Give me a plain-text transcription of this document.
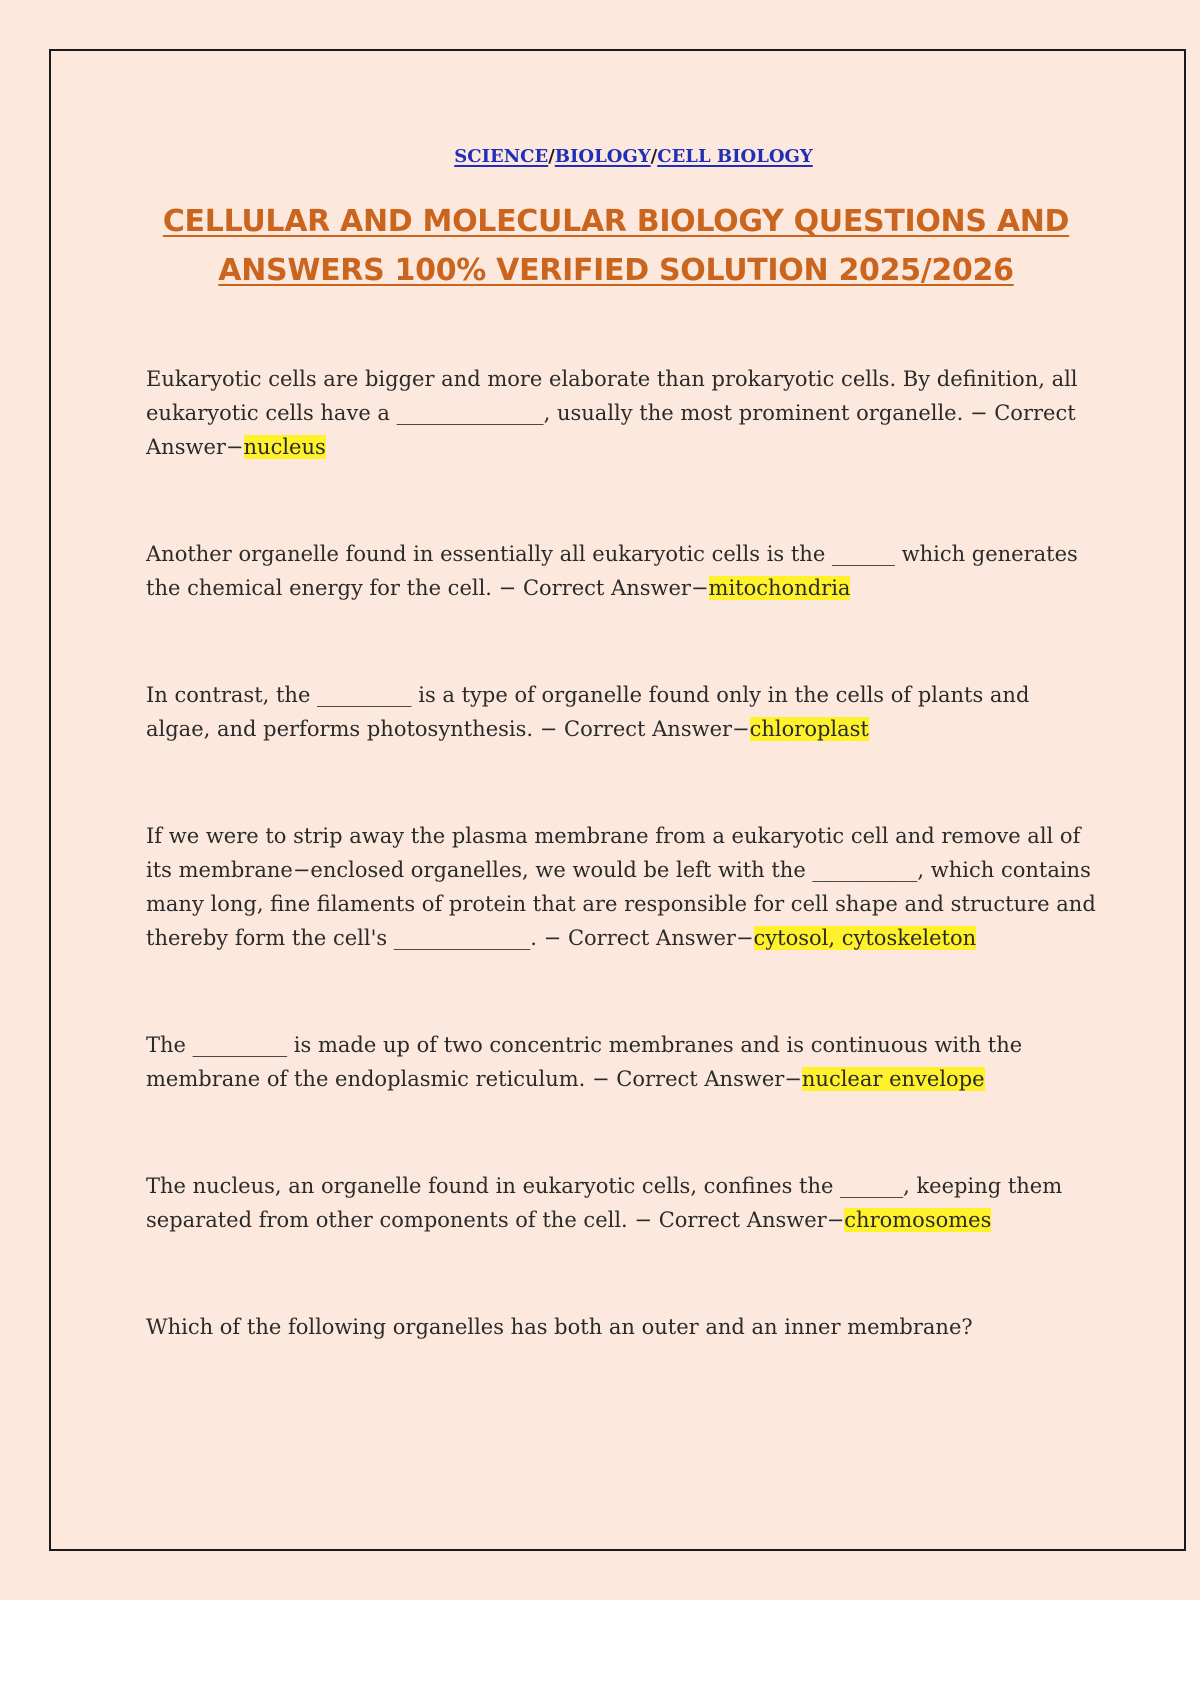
SCIENCE/BIOLOGY/CELL BIOLOGY
CELLULAR AND MOLECULAR BIOLOGY QUESTIONS AND ANSWERS 100% VERIFIED SOLUTION 2025/2026

Eukaryotic cells are bigger and more elaborate than prokaryotic cells. By definition, all eukaryotic cells have a ______________, usually the most prominent organelle. − Correct Answer−nucleus

Another organelle found in essentially all eukaryotic cells is the ______ which generates the chemical energy for the cell. − Correct Answer−mitochondria

In contrast, the _________ is a type of organelle found only in the cells of plants and algae, and performs photosynthesis. − Correct Answer−chloroplast

If we were to strip away the plasma membrane from a eukaryotic cell and remove all of its membrane−enclosed organelles, we would be left with the __________, which contains many long, fine filaments of protein that are responsible for cell shape and structure and thereby form the cell's _____________. − Correct Answer−cytosol, cytoskeleton

The _________ is made up of two concentric membranes and is continuous with the membrane of the endoplasmic reticulum. − Correct Answer−nuclear envelope

The nucleus, an organelle found in eukaryotic cells, confines the ______, keeping them separated from other components of the cell. − Correct Answer−chromosomes

Which of the following organelles has both an outer and an inner membrane?
